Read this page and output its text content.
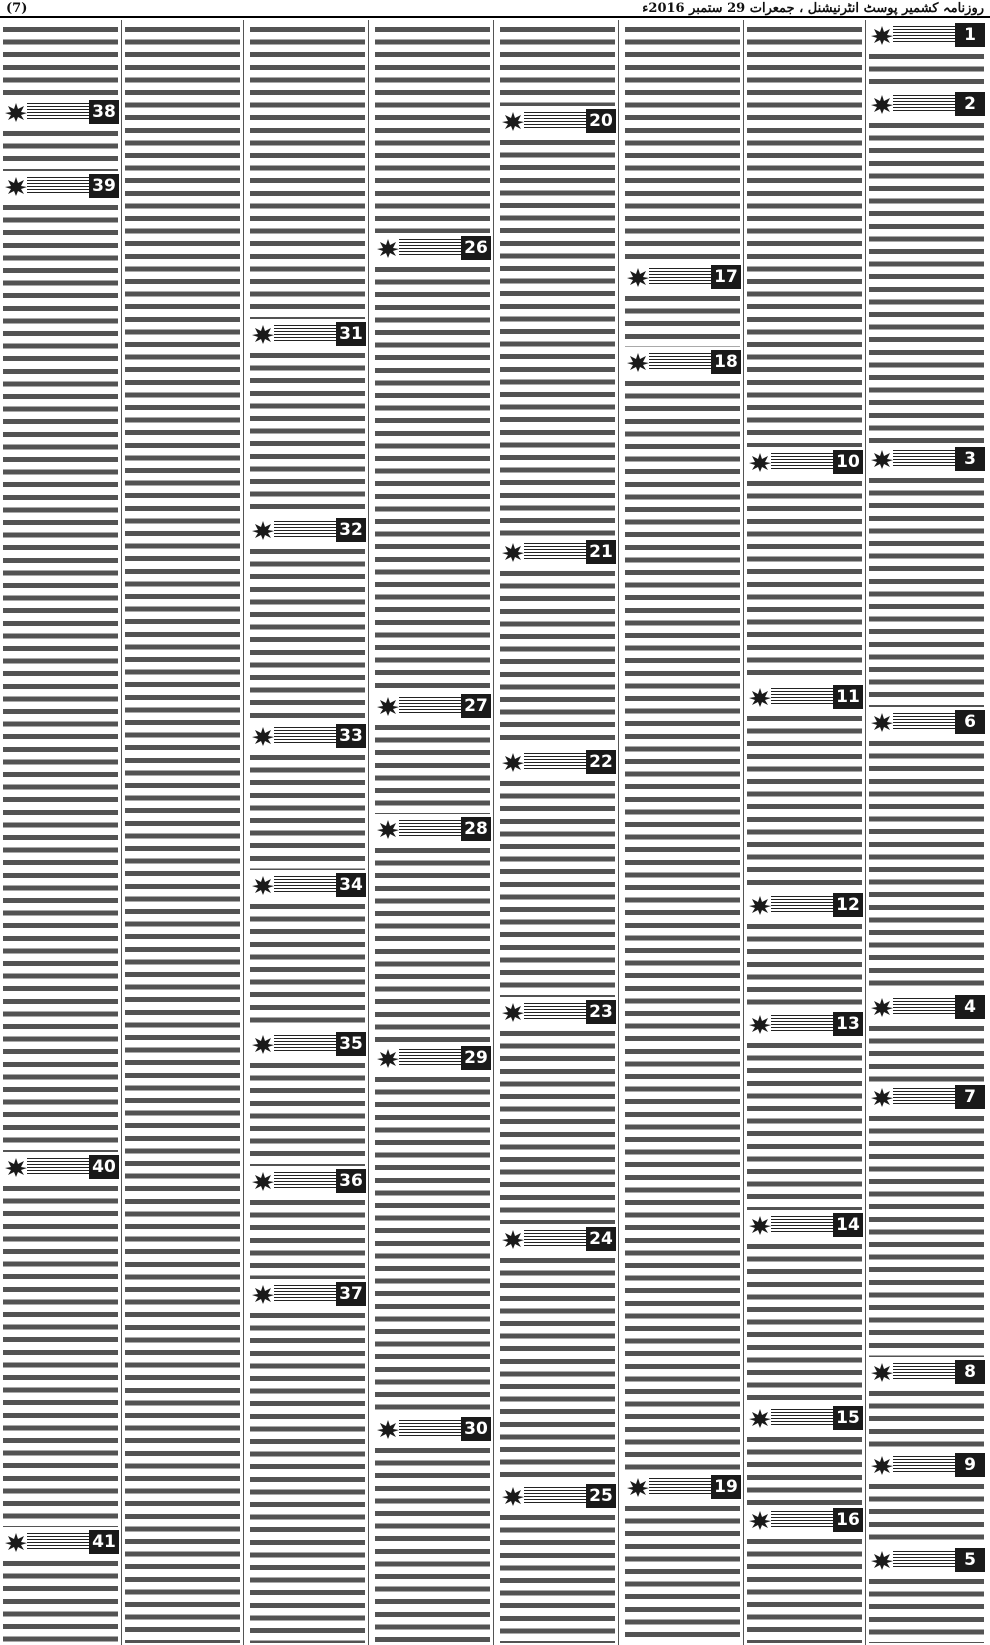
(7)	روزنامہ کشمیر پوسٹ انٹرنیشنل ، جمعرات 29 ستمبر 2016ء
1
2
3
6
4
7
8
9
5
10
11
12
13
14
15
16
17
18
19
20
21
22
23
24
25
26
27
28
29
30
31
32
33
34
35
36
37
38
39
40
41
